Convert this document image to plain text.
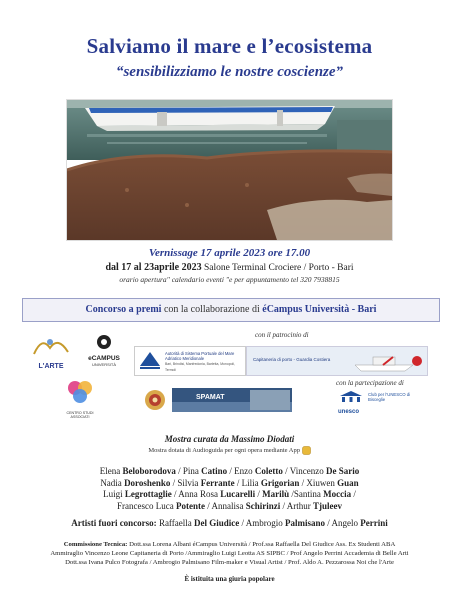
Salviamo il mare e l’ecosistema
“sensibilizziamo le nostre coscienze”
Vernissage 17 aprile 2023 ore 17.00
dal 17 al 23aprile 2023 Salone Terminal Crociere / Porto - Bari
orario apertura" calendario eventi "e per appuntamento tel 320 7938815
Concorso a premi con la collaborazione di éCampus Università - Bari
con il patrocinio di
L'ARTE
eCAMPUS
UNIVERSITÀ
Autorità di Sistema Portuale del Mare Adriatico Meridionale
Bari, Brindisi, Manfredonia, Barletta, Monopoli, Termoli
Capitaneria di porto - Guardia Costiera
CENTRO STUDI ASSOCIATI
SPAMAT
con la partecipazione di
unesco
Club per l'UNESCO di Bisceglie
Mostra curata da Massimo Diodati
Mostra dotata di Audioguida per ogni opera mediante App
Elena Beloborodova / Pina Catino / Enzo Coletto / Vincenzo De Sario
Nadia Doroshenko / Silvia Ferrante / Lilia Grigorian / Xiuwen Guan
Luigi Legrottaglie / Anna Rosa Lucarelli / Marilù /Santina Moccia /
Francesco Luca Potente / Annalisa Schirinzi / Arthur Tjuleev
Artisti fuori concorso: Raffaella Del Giudice / Ambrogio Palmisano / Angelo Perrini
Commissione Tecnica: Dott.ssa Lorena Albani éCampus Università / Prof.ssa Raffaella Del Giudice Ass. Ex Studenti ABA
Ammiraglio Vincenzo Leone Capitaneria di Porto /Ammiraglio Luigi Leotta AS SIPBC / Prof Angelo Perrini Accademia di Belle Arti
Dott.ssa Ivana Pulco Fotografa / Ambrogio Palmisano Film-maker e Visual Artist / Prof. Aldo A. Pezzarossa Noi che l'Arte
È istituita una giuria popolare
